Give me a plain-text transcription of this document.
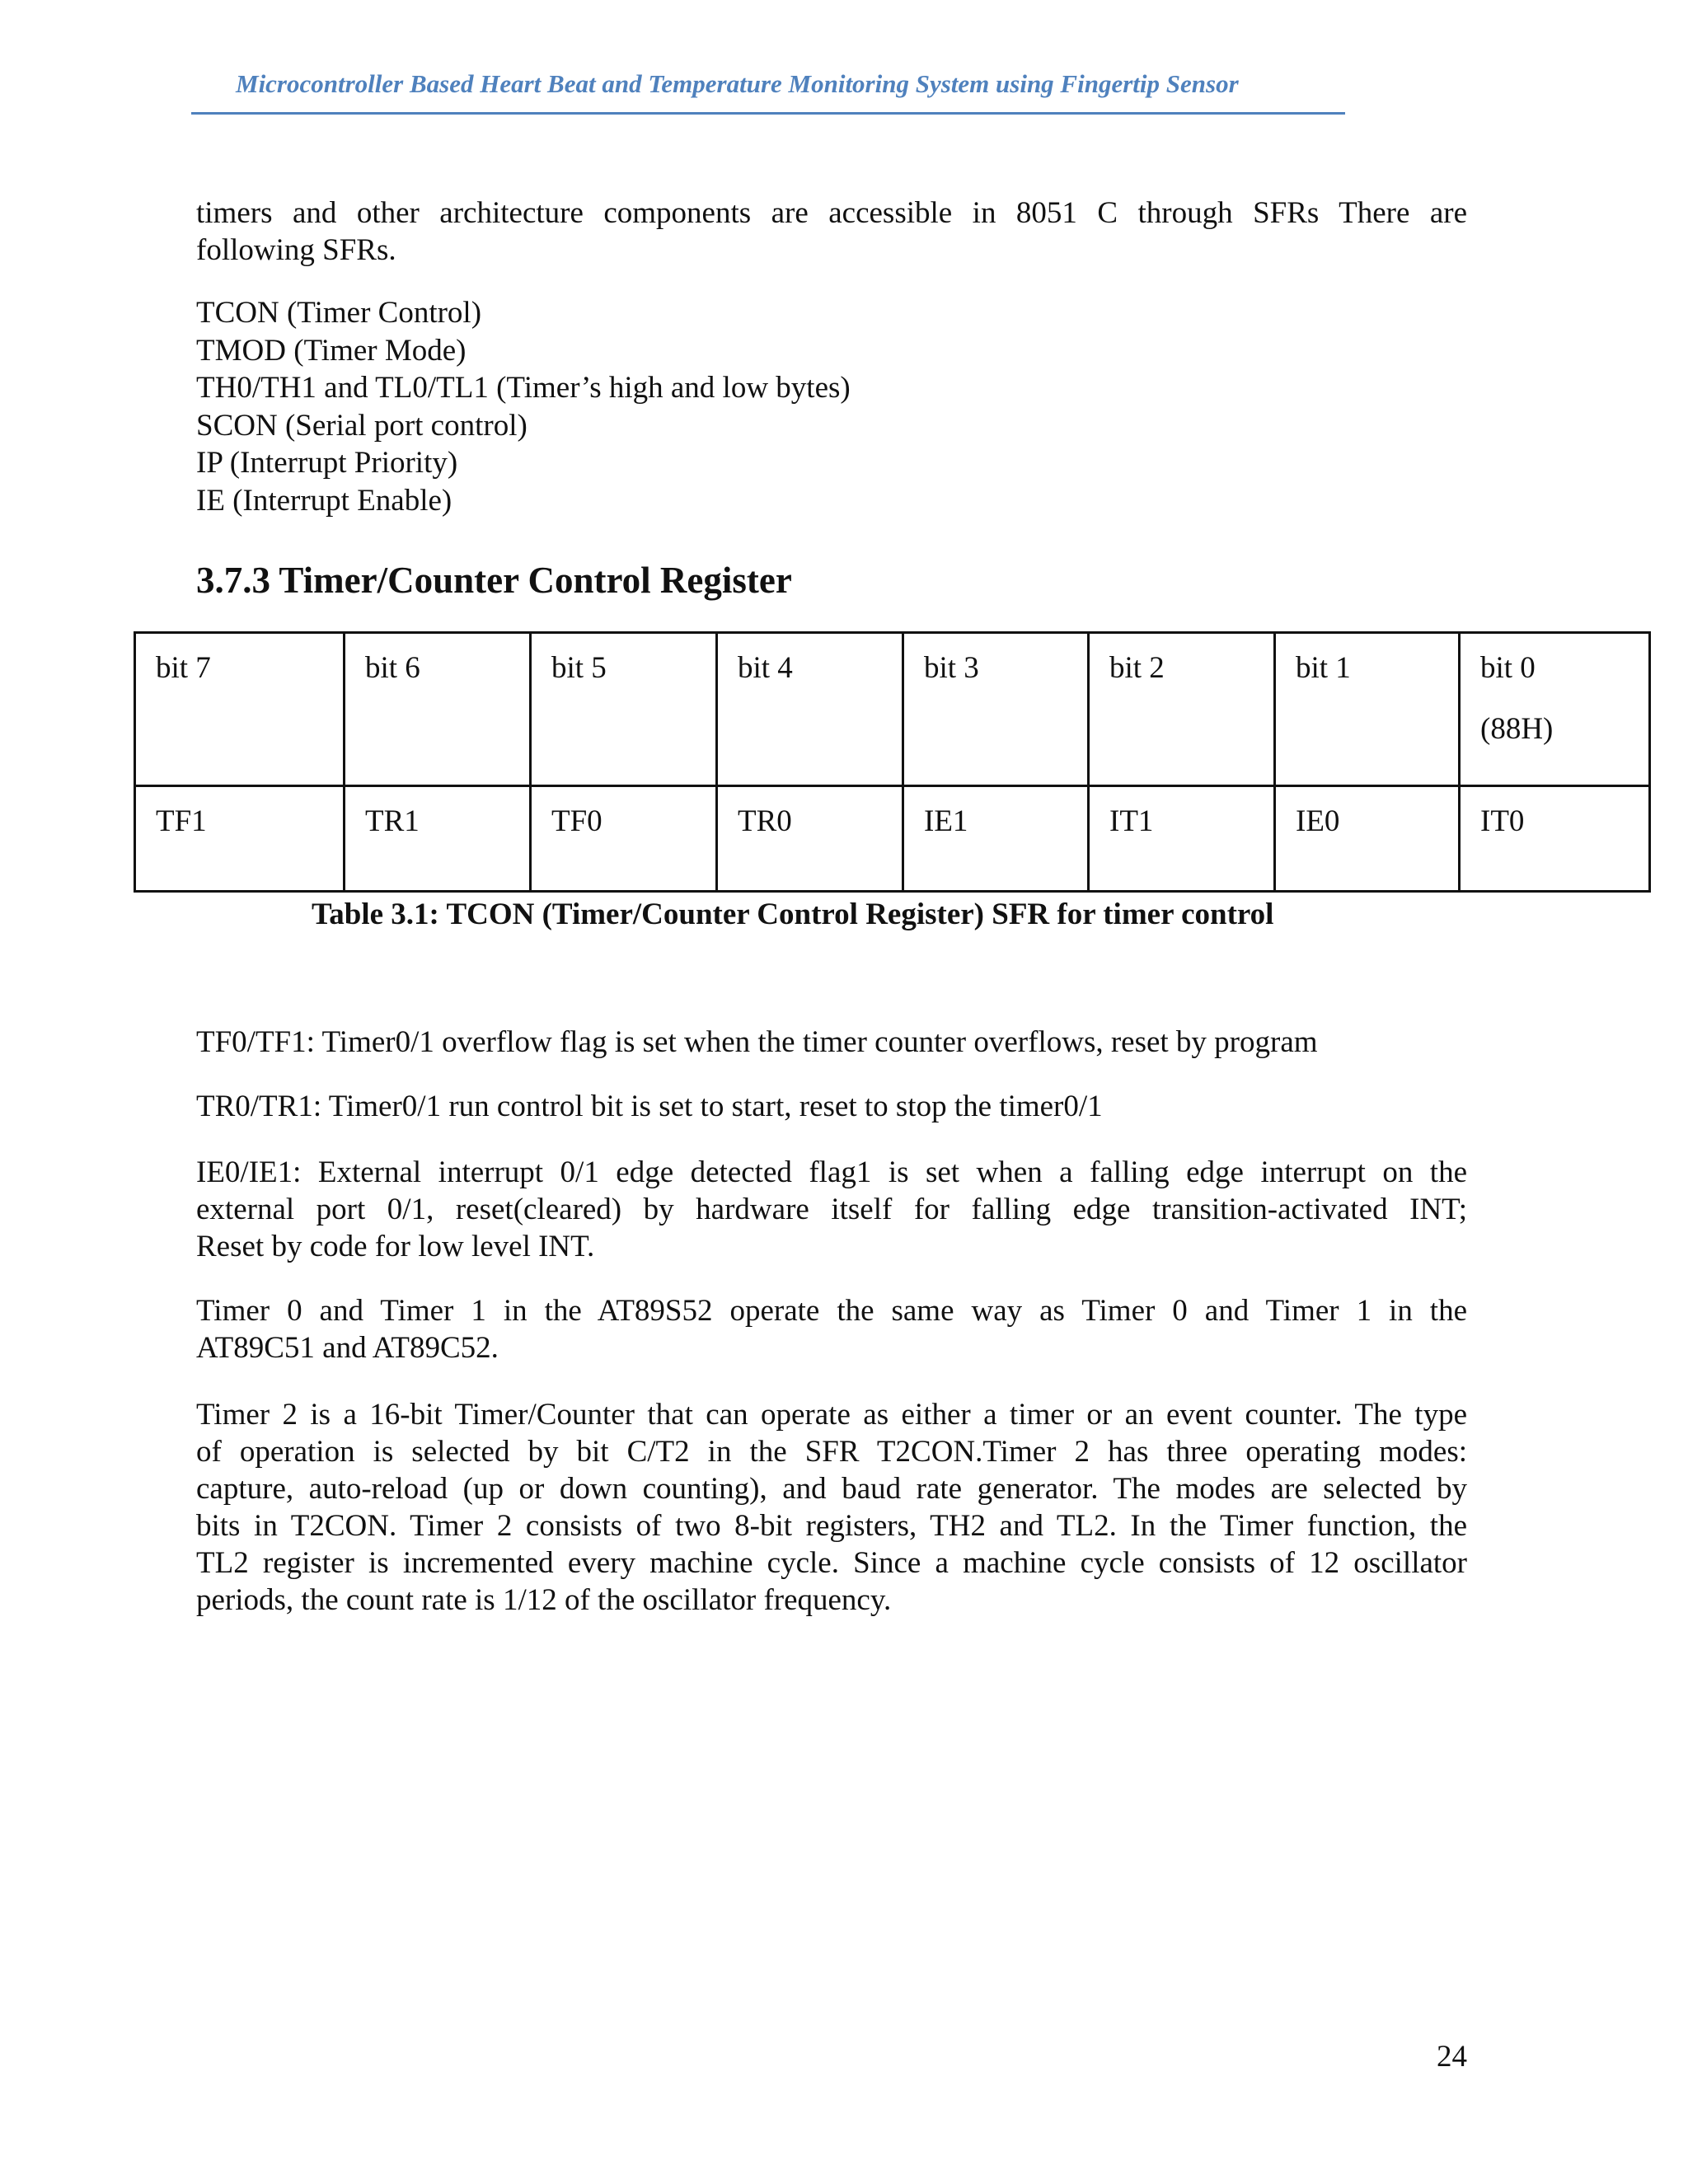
Microcontroller Based Heart Beat and Temperature Monitoring System using Fingertip Sensor

timers and other architecture components are accessible in 8051 C through SFRs There are
following SFRs.

TCON (Timer Control)
TMOD (Timer Mode)
TH0/TH1 and TL0/TL1 (Timer’s high and low bytes)
SCON (Serial port control)
IP (Interrupt Priority)
IE (Interrupt Enable)
3.7.3 Timer/Counter Control Register
bit 7	bit 6	bit 5	bit 4	bit 3	bit 2	bit 1	bit 0
(88H)

TF1	TR1	TF0	TR0	IE1	IT1	IE0	IT0

Table 3.1: TCON (Timer/Counter Control Register) SFR for timer control

TF0/TF1: Timer0/1 overflow flag is set when the timer counter overflows, reset by program

TR0/TR1: Timer0/1 run control bit is set to start, reset to stop the timer0/1

IE0/IE1: External interrupt 0/1 edge detected flag1 is set when a falling edge interrupt on the
external port 0/1, reset(cleared) by hardware itself for falling edge transition-activated INT;
Reset by code for low level INT.

Timer 0 and Timer 1 in the AT89S52 operate the same way as Timer 0 and Timer 1 in the
AT89C51 and AT89C52.

Timer 2 is a 16-bit Timer/Counter that can operate as either a timer or an event counter. The type
of operation is selected by bit C/T2 in the SFR T2CON.Timer 2 has three operating modes:
capture, auto-reload (up or down counting), and baud rate generator. The modes are selected by
bits in T2CON. Timer 2 consists of two 8-bit registers, TH2 and TL2. In the Timer function, the
TL2 register is incremented every machine cycle. Since a machine cycle consists of 12 oscillator
periods, the count rate is 1/12 of the oscillator frequency.

24
